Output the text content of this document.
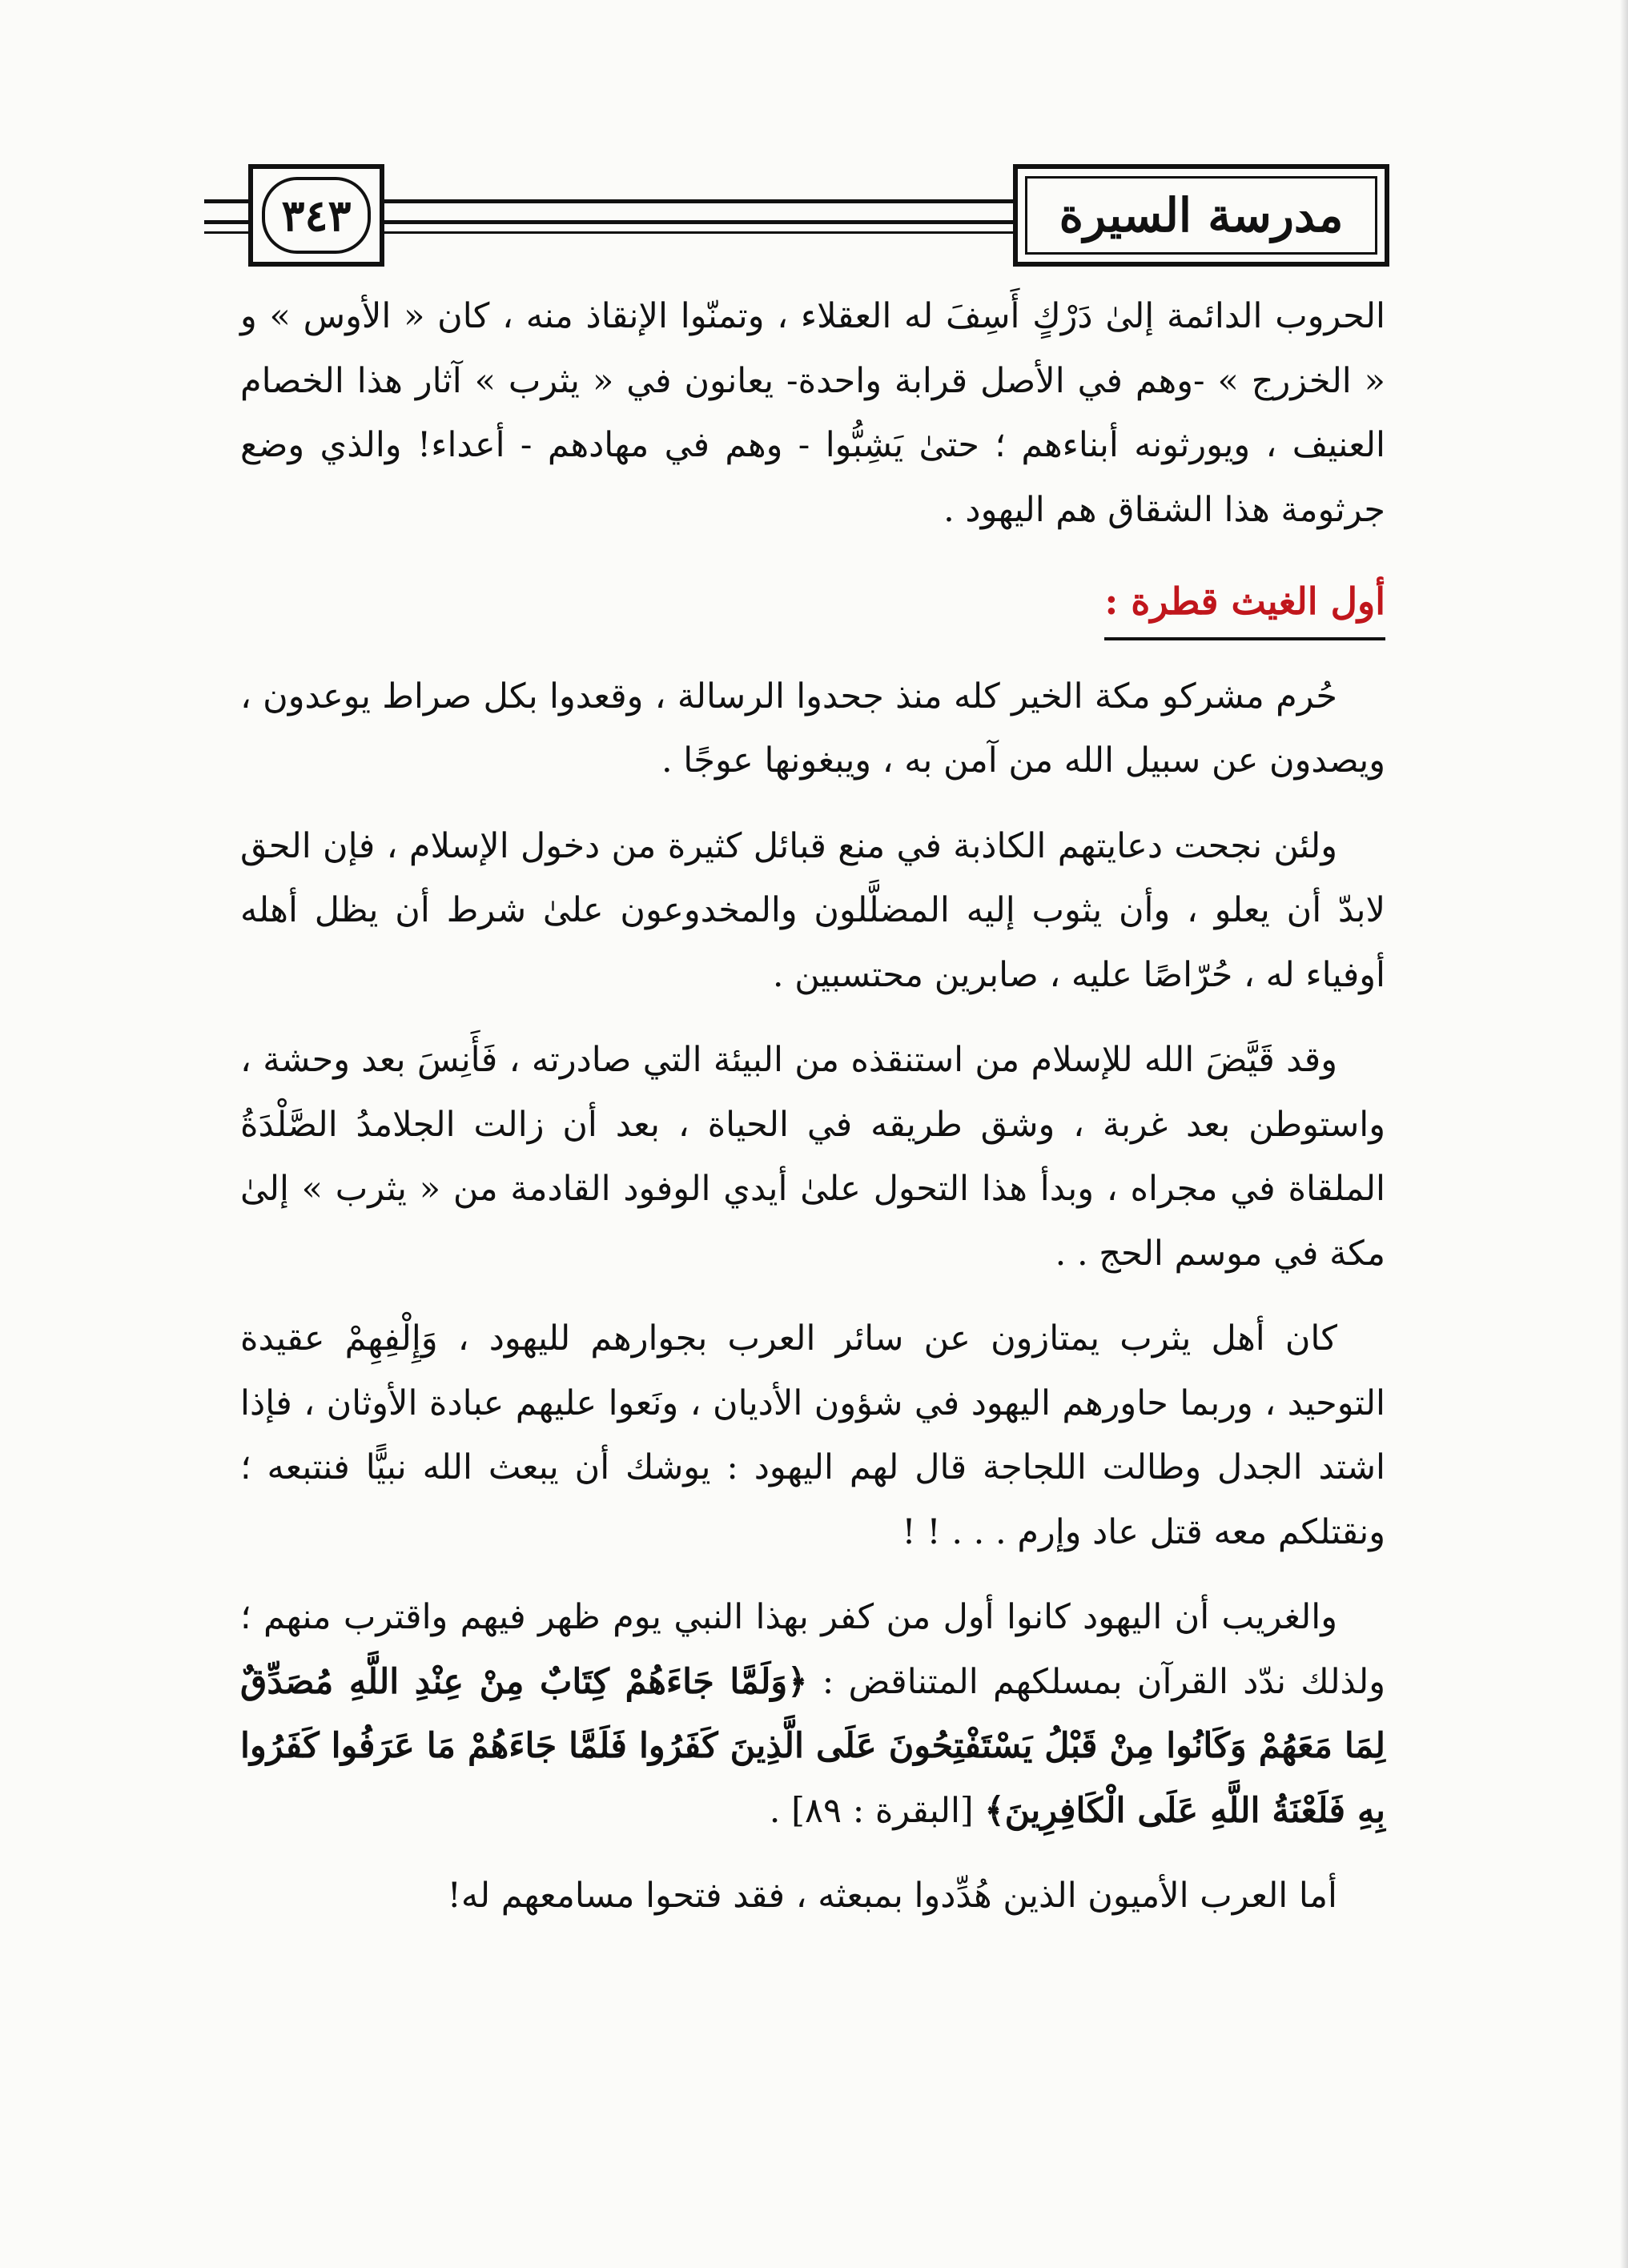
٣٤٣	مدرسة السيرة

الحروب الدائمة إلىٰ دَرْكٍ أَسِفَ له العقلاء ، وتمنّوا الإنقاذ منه ، كان « الأوس » و « الخزرج » -وهم في الأصل قرابة واحدة- يعانون في « يثرب » آثار هذا الخصام العنيف ، ويورثونه أبناءهم ؛ حتىٰ يَشِبُّوا - وهم في مهادهم - أعداء! والذي وضع جرثومة هذا الشقاق هم اليهود .

أول الغيث قطرة :

حُرم مشركو مكة الخير كله منذ جحدوا الرسالة ، وقعدوا بكل صراط يوعدون ، ويصدون عن سبيل الله من آمن به ، ويبغونها عوجًا .

ولئن نجحت دعايتهم الكاذبة في منع قبائل كثيرة من دخول الإسلام ، فإن الحق لابدّ أن يعلو ، وأن يثوب إليه المضلَّلون والمخدوعون علىٰ شرط أن يظل أهله أوفياء له ، حُرّاصًا عليه ، صابرين محتسبين .

وقد قَيَّضَ الله للإسلام من استنقذه من البيئة التي صادرته ، فَأَنِسَ بعد وحشة ، واستوطن بعد غربة ، وشق طريقه في الحياة ، بعد أن زالت الجلامدُ الصَّلْدَةُ الملقاة في مجراه ، وبدأ هذا التحول علىٰ أيدي الوفود القادمة من « يثرب » إلىٰ مكة في موسم الحج . .

كان أهل يثرب يمتازون عن سائر العرب بجوارهم لليهود ، وَإِلْفِهِمْ عقيدة التوحيد ، وربما حاورهم اليهود في شؤون الأديان ، ونَعوا عليهم عبادة الأوثان ، فإذا اشتد الجدل وطالت اللجاجة قال لهم اليهود : يوشك أن يبعث الله نبيًّا فنتبعه ؛ ونقتلكم معه قتل عاد وإرم . . . ! !

والغريب أن اليهود كانوا أول من كفر بهذا النبي يوم ظهر فيهم واقترب منهم ؛ ولذلك ندّد القرآن بمسلكهم المتناقض : ﴿وَلَمَّا جَاءَهُمْ كِتَابٌ مِنْ عِنْدِ اللَّهِ مُصَدِّقٌ لِمَا مَعَهُمْ وَكَانُوا مِنْ قَبْلُ يَسْتَفْتِحُونَ عَلَى الَّذِينَ كَفَرُوا فَلَمَّا جَاءَهُمْ مَا عَرَفُوا كَفَرُوا بِهِ فَلَعْنَةُ اللَّهِ عَلَى الْكَافِرِينَ﴾ [البقرة : ٨٩] .

أما العرب الأميون الذين هُدِّدوا بمبعثه ، فقد فتحوا مسامعهم له!
